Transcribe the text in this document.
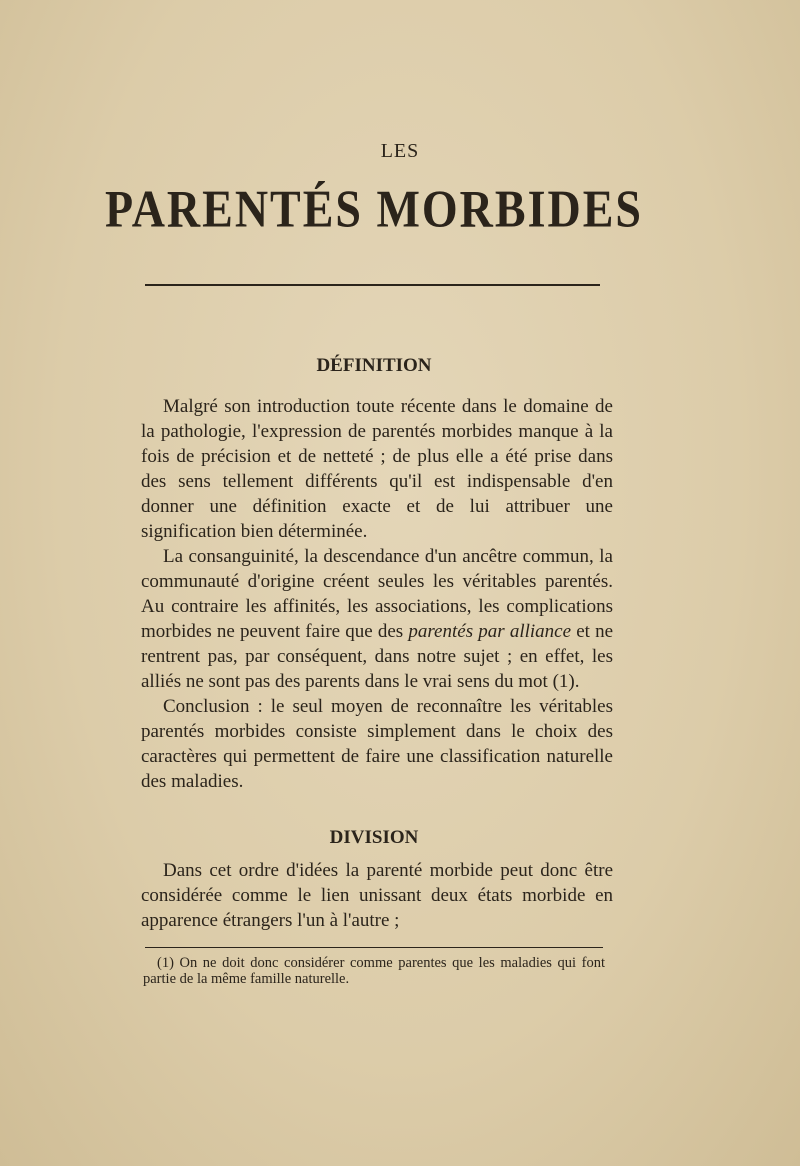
LES
PARENTÉS MORBIDES
DÉFINITION

Malgré son introduction toute récente dans le domaine de la pathologie, l'expression de parentés morbides manque à la fois de précision et de netteté ; de plus elle a été prise dans des sens tellement différents qu'il est indispensable d'en donner une définition exacte et de lui attribuer une signification bien déterminée.

La consanguinité, la descendance d'un ancêtre commun, la communauté d'origine créent seules les véritables parentés. Au contraire les affinités, les associations, les complications morbides ne peuvent faire que des parentés par alliance et ne rentrent pas, par conséquent, dans notre sujet ; en effet, les alliés ne sont pas des parents dans le vrai sens du mot (1).

Conclusion : le seul moyen de reconnaître les véritables parentés morbides consiste simplement dans le choix des caractères qui permettent de faire une classification naturelle des maladies.

DIVISION

Dans cet ordre d'idées la parenté morbide peut donc être considérée comme le lien unissant deux états morbide en apparence étrangers l'un à l'autre ;

(1) On ne doit donc considérer comme parentes que les maladies qui font partie de la même famille naturelle.
